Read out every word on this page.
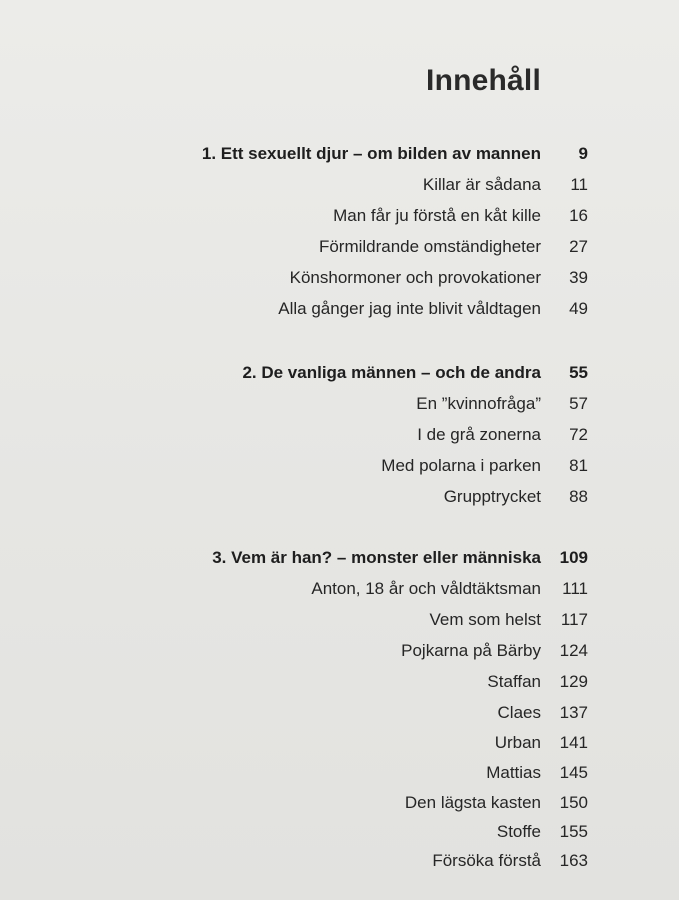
Innehåll
1. Ett sexuellt djur – om bilden av mannen 9
Killar är sådana 11
Man får ju förstå en kåt kille 16
Förmildrande omständigheter 27
Könshormoner och provokationer 39
Alla gånger jag inte blivit våldtagen 49
2. De vanliga männen – och de andra 55
En ”kvinnofråga” 57
I de grå zonerna 72
Med polarna i parken 81
Grupptrycket 88
3. Vem är han? – monster eller människa 109
Anton, 18 år och våldtäktsman 111
Vem som helst 117
Pojkarna på Bärby 124
Staffan 129
Claes 137
Urban 141
Mattias 145
Den lägsta kasten 150
Stoffe 155
Försöka förstå 163
